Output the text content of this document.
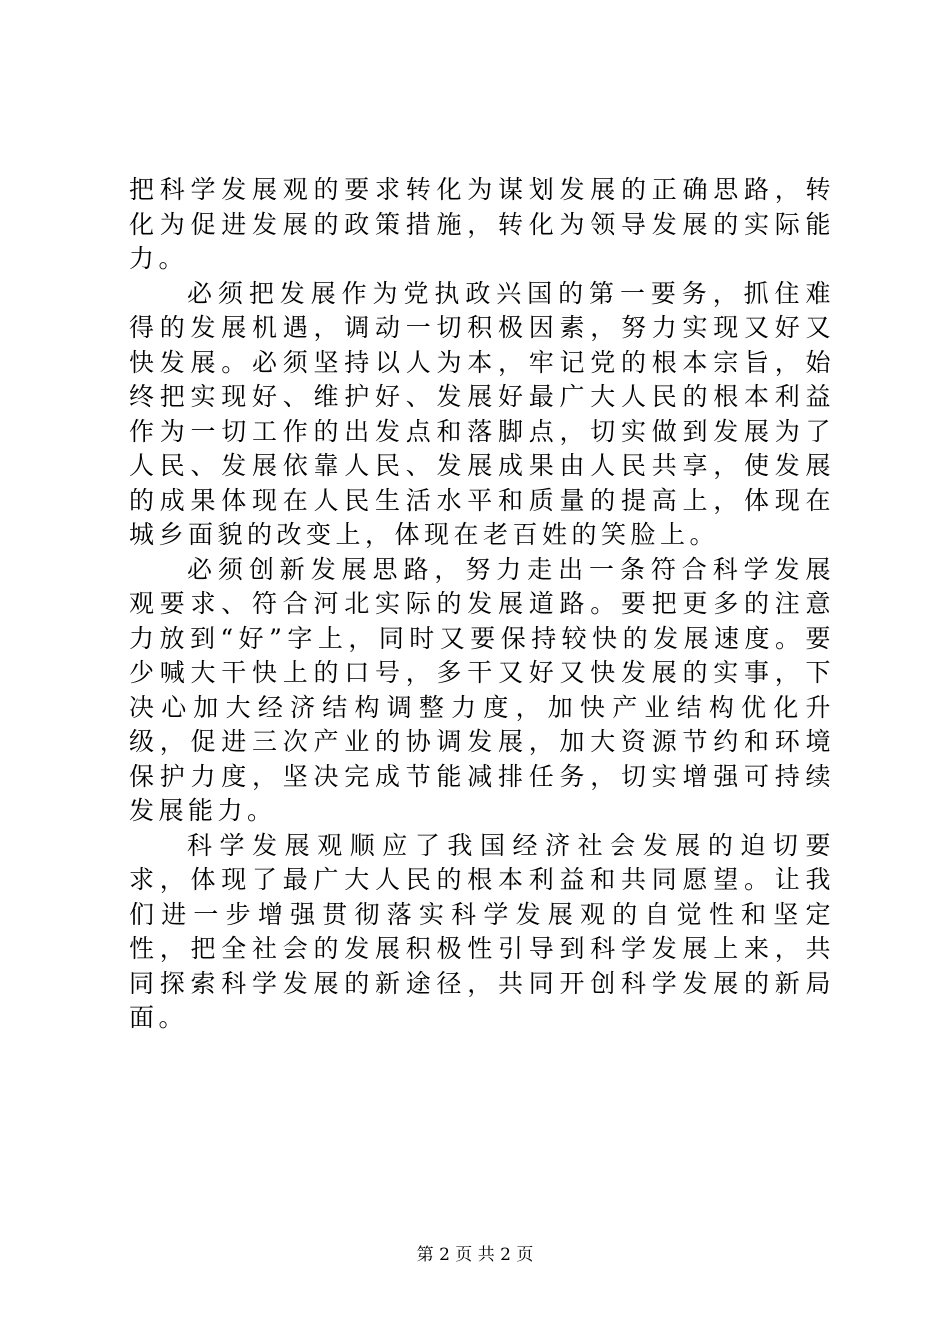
把科学发展观的要求转化为谋划发展的正确思路，转化为促进发展的政策措施，转化为领导发展的实际能力。

必须把发展作为党执政兴国的第一要务，抓住难得的发展机遇，调动一切积极因素，努力实现又好又快发展。必须坚持以人为本，牢记党的根本宗旨，始终把实现好、维护好、发展好最广大人民的根本利益作为一切工作的出发点和落脚点，切实做到发展为了人民、发展依靠人民、发展成果由人民共享，使发展的成果体现在人民生活水平和质量的提高上，体现在城乡面貌的改变上，体现在老百姓的笑脸上。

必须创新发展思路，努力走出一条符合科学发展观要求、符合河北实际的发展道路。要把更多的注意力放到“好”字上，同时又要保持较快的发展速度。要少喊大干快上的口号，多干又好又快发展的实事，下决心加大经济结构调整力度，加快产业结构优化升级，促进三次产业的协调发展，加大资源节约和环境保护力度，坚决完成节能减排任务，切实增强可持续发展能力。

科学发展观顺应了我国经济社会发展的迫切要求，体现了最广大人民的根本利益和共同愿望。让我们进一步增强贯彻落实科学发展观的自觉性和坚定性，把全社会的发展积极性引导到科学发展上来，共同探索科学发展的新途径，共同开创科学发展的新局面。

第 2 页 共 2 页
